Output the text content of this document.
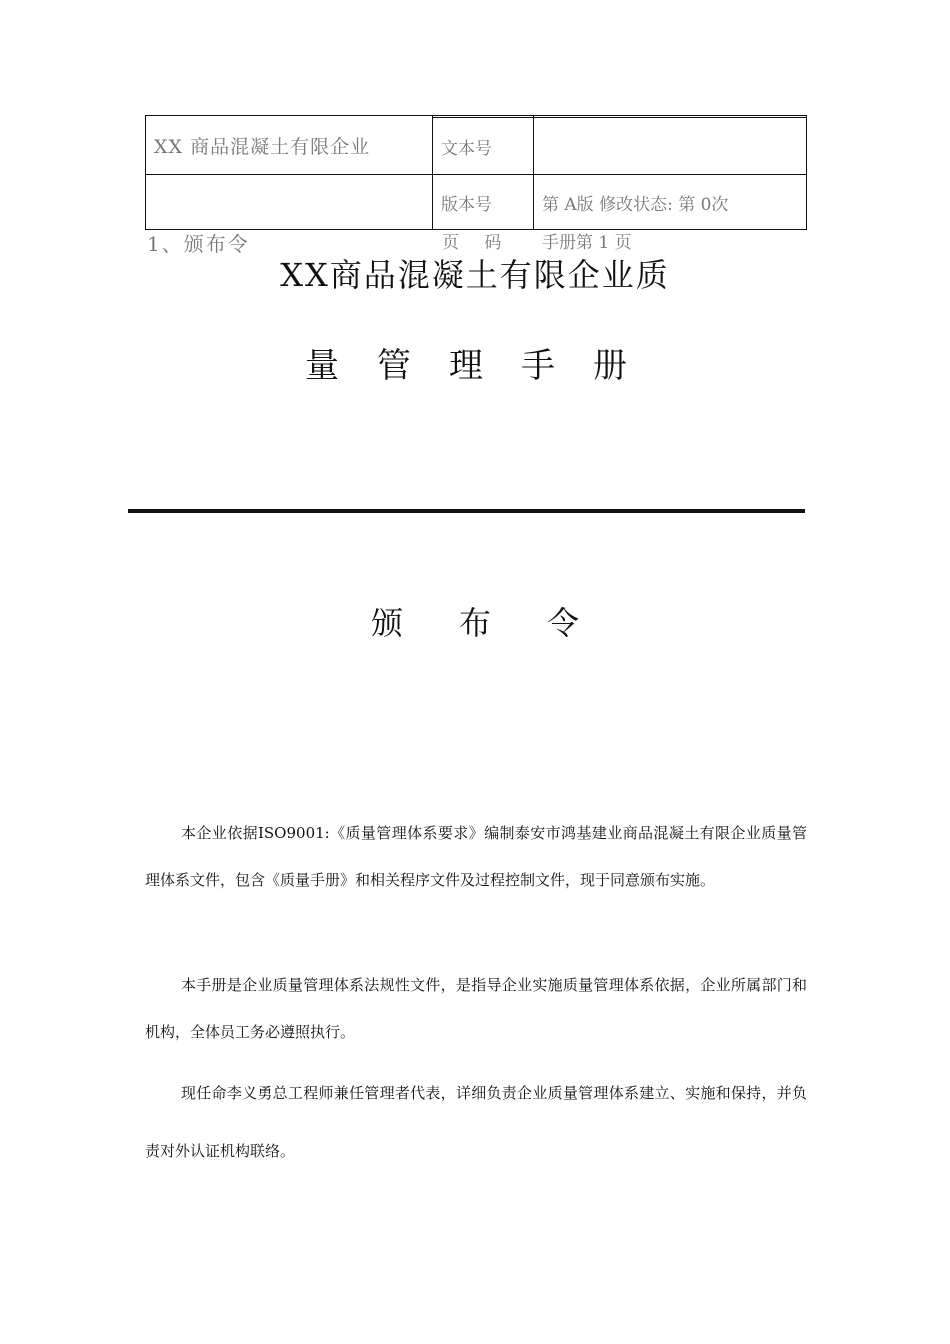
XX 商品混凝土有限企业		
	文本号	
	版本号	第 A版 修改状态: 第 0次
1、颁布令	页 码 手册第 1 页
XX商品混凝土有限企业质
量管理手册
颁布令

本企业依据ISO9001:《质量管理体系要求》编制泰安市鸿基建业商品混凝土有限企业质量管理体系文件，包含《质量手册》和相关程序文件及过程控制文件，现于同意颁布实施。

本手册是企业质量管理体系法规性文件，是指导企业实施质量管理体系依据，企业所属部门和机构，全体员工务必遵照执行。

现任命李义勇总工程师兼任管理者代表，详细负责企业质量管理体系建立、实施和保持，并负责对外认证机构联络。
